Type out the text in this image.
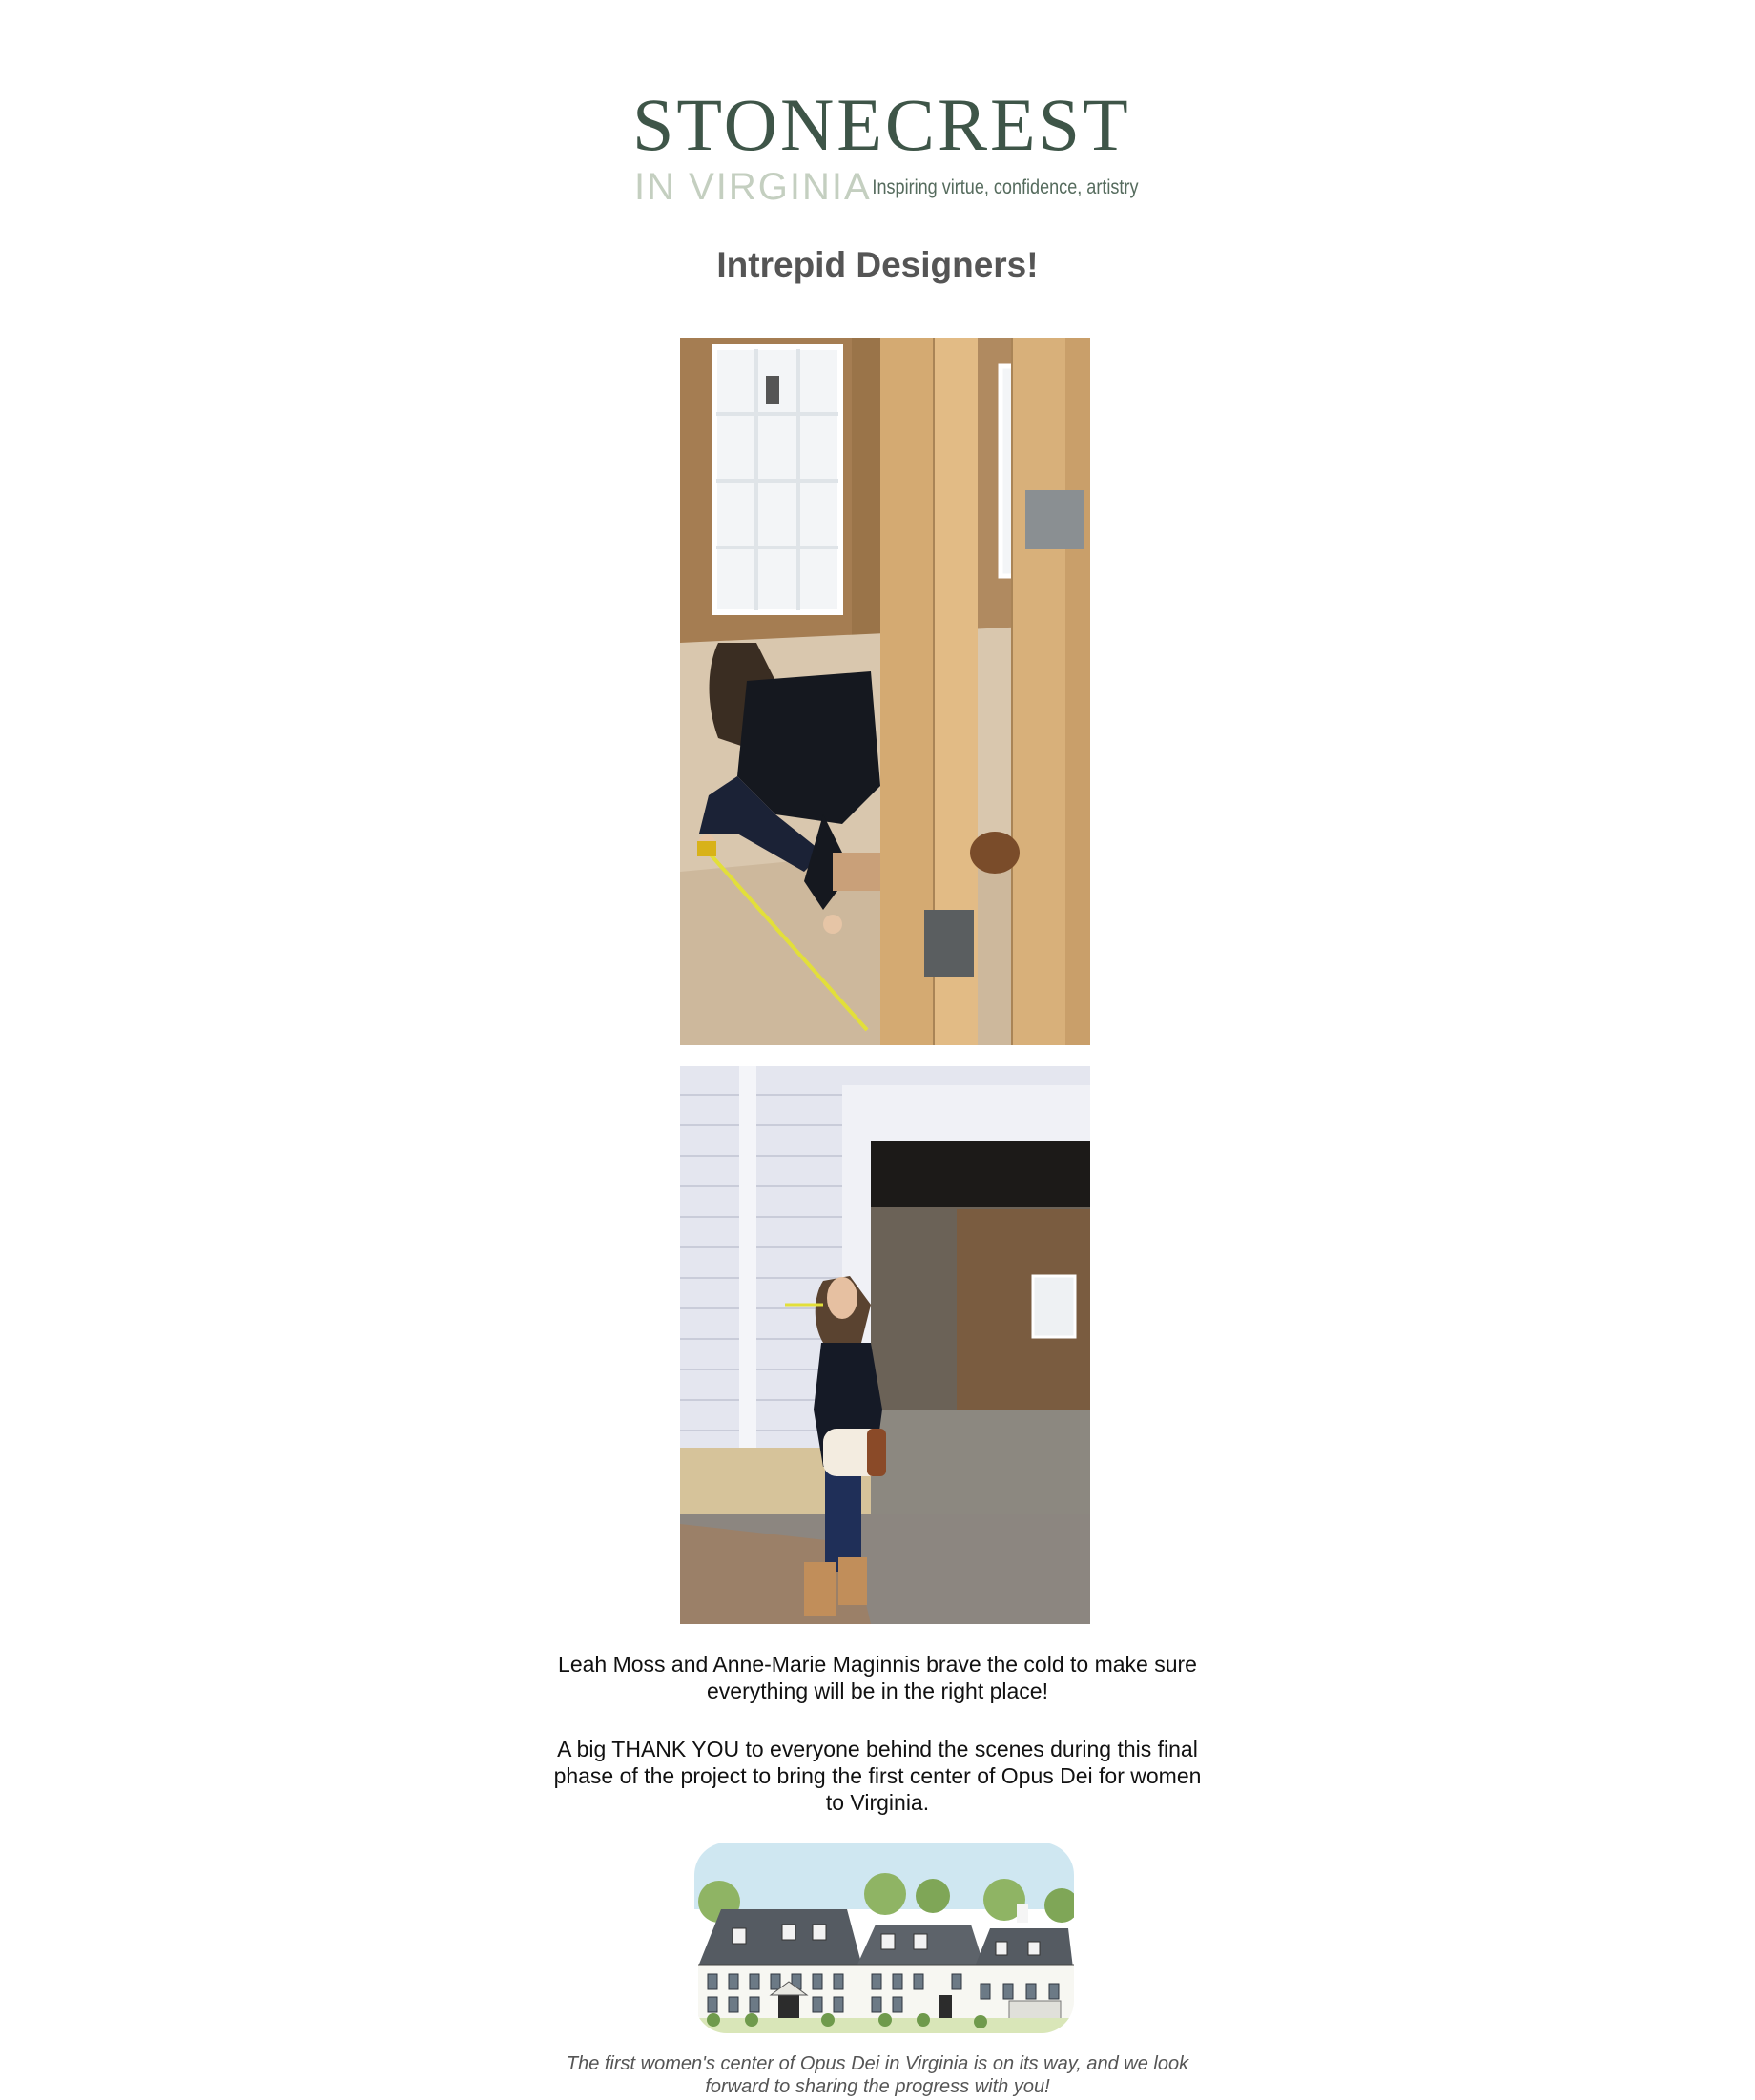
STONECREST
IN VIRGINIA Inspiring virtue, confidence, artistry
Intrepid Designers!

Leah Moss and Anne-Marie Maginnis brave the cold to make sure everything will be in the right place!

A big THANK YOU to everyone behind the scenes during this final phase of the project to bring the first center of Opus Dei for women to Virginia.

The first women's center of Opus Dei in Virginia is on its way, and we look forward to sharing the progress with you!
